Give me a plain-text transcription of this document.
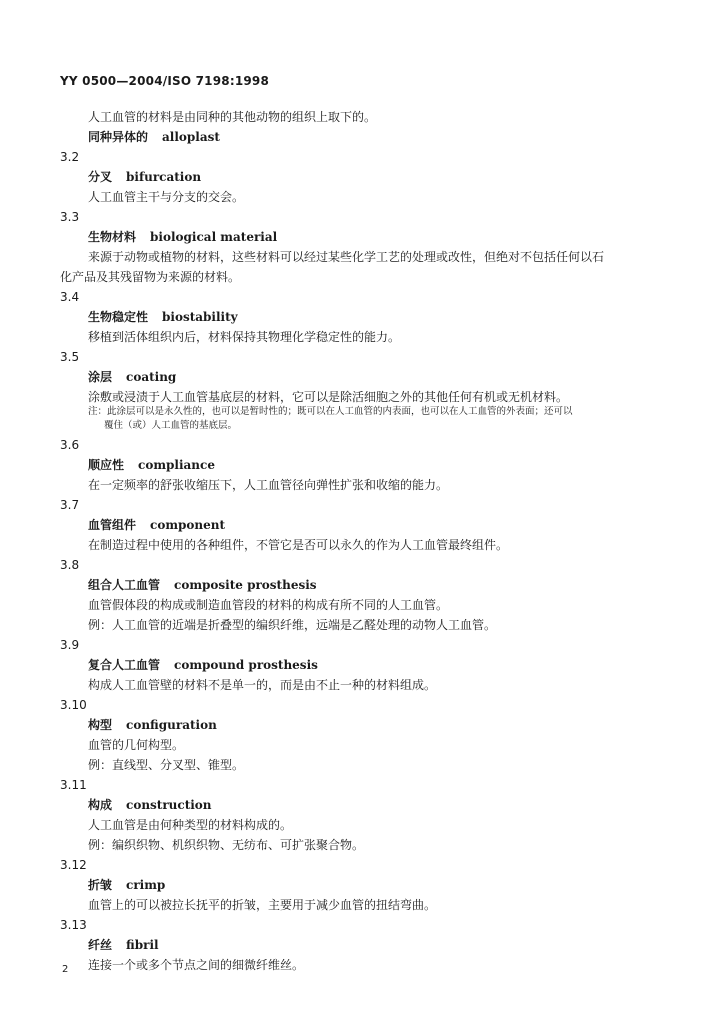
YY 0500—2004/ISO 7198:1998
人工血管的材料是由同种的其他动物的组织上取下的。
同种异体的 alloplast
3.2
分叉 bifurcation
人工血管主干与分支的交会。
3.3
生物材料 biological material
来源于动物或植物的材料，这些材料可以经过某些化学工艺的处理或改性，但绝对不包括任何以石
化产品及其残留物为来源的材料。
3.4
生物稳定性 biostability
移植到活体组织内后，材料保持其物理化学稳定性的能力。
3.5
涂层 coating
涂敷或浸渍于人工血管基底层的材料，它可以是除活细胞之外的其他任何有机或无机材料。
注：此涂层可以是永久性的，也可以是暂时性的；既可以在人工血管的内表面，也可以在人工血管的外表面；还可以
覆住（或）人工血管的基底层。
3.6
顺应性 compliance
在一定频率的舒张收缩压下，人工血管径向弹性扩张和收缩的能力。
3.7
血管组件 component
在制造过程中使用的各种组件，不管它是否可以永久的作为人工血管最终组件。
3.8
组合人工血管 composite prosthesis
血管假体段的构成或制造血管段的材料的构成有所不同的人工血管。
例：人工血管的近端是折叠型的编织纤维，远端是乙醛处理的动物人工血管。
3.9
复合人工血管 compound prosthesis
构成人工血管壁的材料不是单一的，而是由不止一种的材料组成。
3.10
构型 configuration
血管的几何构型。
例：直线型、分叉型、锥型。
3.11
构成 construction
人工血管是由何种类型的材料构成的。
例：编织织物、机织织物、无纺布、可扩张聚合物。
3.12
折皱 crimp
血管上的可以被拉长抚平的折皱，主要用于减少血管的扭结弯曲。
3.13
纤丝 fibril
连接一个或多个节点之间的细微纤维丝。
2
